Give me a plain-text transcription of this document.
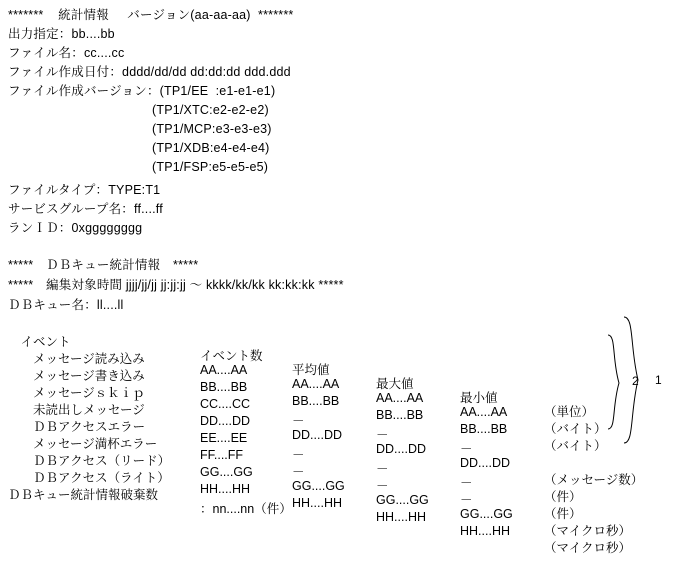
*******    統計情報     バージョン(aa-aa-aa)  *******
出力指定：bb....bb
ファイル名：cc....cc
ファイル作成日付：dddd/dd/dd dd:dd:dd ddd.ddd
ファイル作成バージョン：(TP1/EE  :e1-e1-e1)
(TP1/XTC:e2-e2-e2)
(TP1/MCP:e3-e3-e3)
(TP1/XDB:e4-e4-e4)
(TP1/FSP:e5-e5-e5)
ファイルタイプ：TYPE:T1
サービスグループ名：ff....ff
ランＩＤ：0xgggggggg
*****　ＤＢキュー統計情報　*****
*****　編集対象時間 jjjj/jj/jj jj:jj:jj ～ kkkk/kk/kk kk:kk:kk *****
ＤＢキュー名：ll....ll

　イベント

イベント数

平均値

最大値

最小値

（単位）

　　メッセージ読み込み

AA....AA

AA....AA

AA....AA

AA....AA

（バイト）

　　メッセージ書き込み

BB....BB

BB....BB

BB....BB

BB....BB

（バイト）

　　メッセージｓｋｉｐ

CC....CC

－

－

－

　　未読出しメッセージ

DD....DD

DD....DD

DD....DD

DD....DD

（メッセージ数）

　　ＤＢアクセスエラー

EE....EE

－

－

－

（件）

　　メッセージ満杯エラー

FF....FF

－

－

－

（件）

　　ＤＢアクセス（リード）

GG....GG

GG....GG

GG....GG

GG....GG

（マイクロ秒）

　　ＤＢアクセス（ライト）

HH....HH

HH....HH

HH....HH

HH....HH

（マイクロ秒）

ＤＢキュー統計情報破棄数

：nn....nn（件）

1
2
